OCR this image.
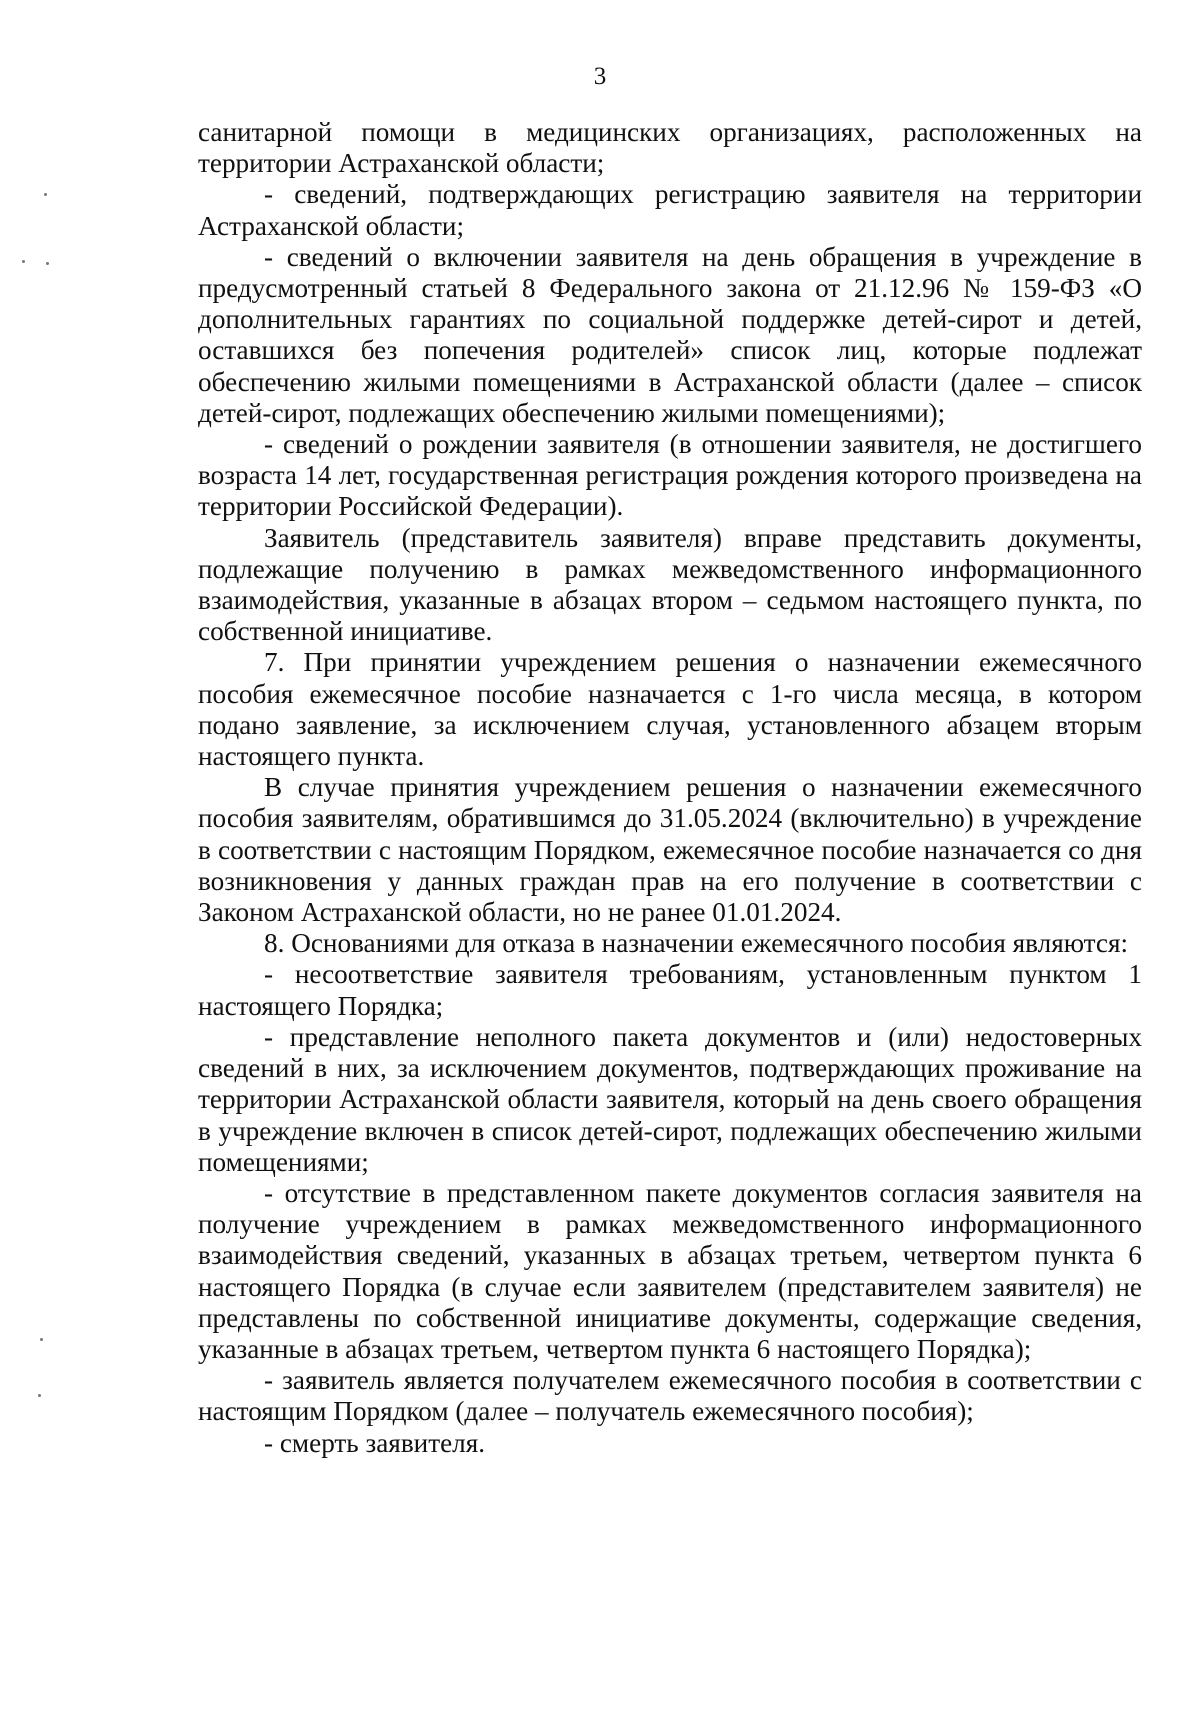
3

санитарной помощи в медицинских организациях, расположенных на территории Астраханской области;

- сведений, подтверждающих регистрацию заявителя на территории Астраханской области;

- сведений о включении заявителя на день обращения в учреждение в предусмотренный статьей 8 Федерального закона от 21.12.96 № 159-ФЗ «О дополнительных гарантиях по социальной поддержке детей-сирот и детей, оставшихся без попечения родителей» список лиц, которые подлежат обеспечению жилыми помещениями в Астраханской области (далее – список детей-сирот, подлежащих обеспечению жилыми помещениями);

- сведений о рождении заявителя (в отношении заявителя, не достигшего возраста 14 лет, государственная регистрация рождения которого произведена на территории Российской Федерации).

Заявитель (представитель заявителя) вправе представить документы, подлежащие получению в рамках межведомственного информационного взаимодействия, указанные в абзацах втором – седьмом настоящего пункта, по собственной инициативе.

7. При принятии учреждением решения о назначении ежемесячного пособия ежемесячное пособие назначается с 1-го числа месяца, в котором подано заявление, за исключением случая, установленного абзацем вторым настоящего пункта.

В случае принятия учреждением решения о назначении ежемесячного пособия заявителям, обратившимся до 31.05.2024 (включительно) в учреждение в соответствии с настоящим Порядком, ежемесячное пособие назначается со дня возникновения у данных граждан прав на его получение в соответствии с Законом Астраханской области, но не ранее 01.01.2024.

8. Основаниями для отказа в назначении ежемесячного пособия являются:

- несоответствие заявителя требованиям, установленным пунктом 1 настоящего Порядка;

- представление неполного пакета документов и (или) недостоверных сведений в них, за исключением документов, подтверждающих проживание на территории Астраханской области заявителя, который на день своего обращения в учреждение включен в список детей-сирот, подлежащих обеспечению жилыми помещениями;

- отсутствие в представленном пакете документов согласия заявителя на получение учреждением в рамках межведомственного информационного взаимодействия сведений, указанных в абзацах третьем, четвертом пункта 6 настоящего Порядка (в случае если заявителем (представителем заявителя) не представлены по собственной инициативе документы, содержащие сведения, указанные в абзацах третьем, четвертом пункта 6 настоящего Порядка);

- заявитель является получателем ежемесячного пособия в соответствии с настоящим Порядком (далее – получатель ежемесячного пособия);

- смерть заявителя.
